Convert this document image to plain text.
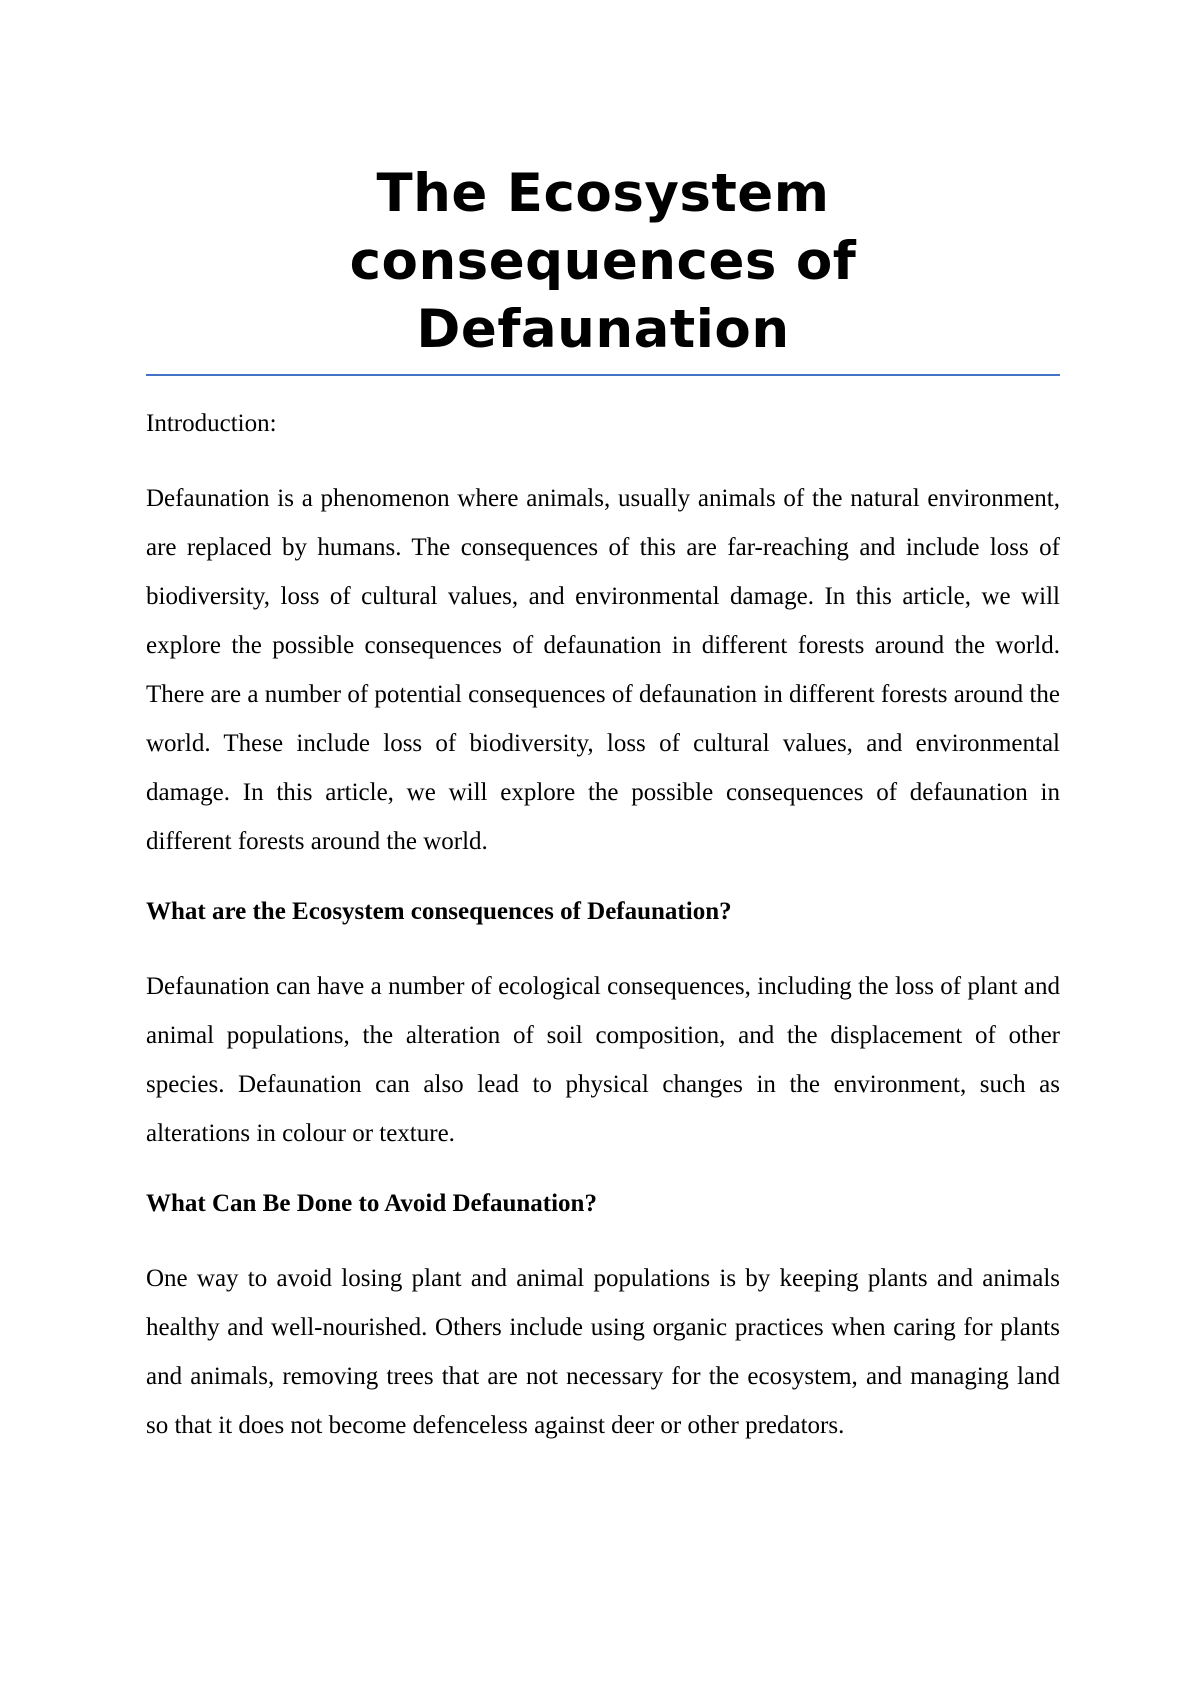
The Ecosystem
consequences of
Defaunation
Introduction:

Defaunation is a phenomenon where animals, usually animals of the natural environment, are replaced by humans. The consequences of this are far-reaching and include loss of biodiversity, loss of cultural values, and environmental damage. In this article, we will explore the possible consequences of defaunation in different forests around the world. There are a number of potential consequences of defaunation in different forests around the world. These include loss of biodiversity, loss of cultural values, and environmental damage. In this article, we will explore the possible consequences of defaunation in different forests around the world.

What are the Ecosystem consequences of Defaunation?

Defaunation can have a number of ecological consequences, including the loss of plant and animal populations, the alteration of soil composition, and the displacement of other species. Defaunation can also lead to physical changes in the environment, such as alterations in colour or texture.

What Can Be Done to Avoid Defaunation?

One way to avoid losing plant and animal populations is by keeping plants and animals healthy and well-nourished. Others include using organic practices when caring for plants and animals, removing trees that are not necessary for the ecosystem, and managing land so that it does not become defenceless against deer or other predators.
